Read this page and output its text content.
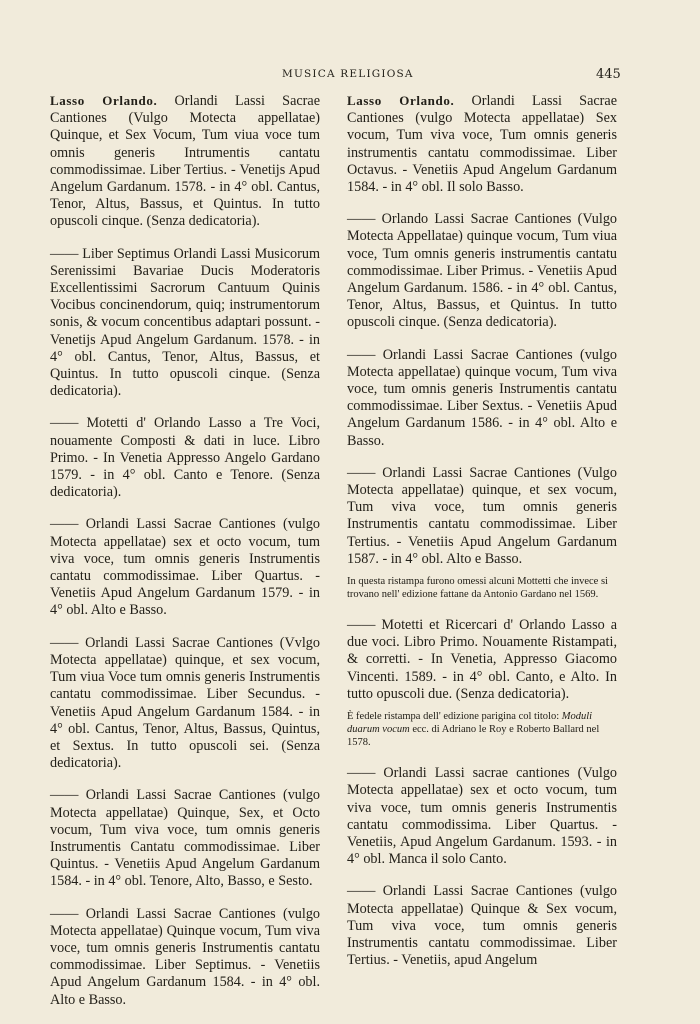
MUSICA RELIGIOSA	445

Lasso Orlando. Orlandi Lassi Sacrae Cantiones (Vulgo Motecta appellatae) Quinque, et Sex Vocum, Tum viua voce tum omnis generis Intrumentis cantatu commodissimae. Liber Tertius. - Venetijs Apud Angelum Gardanum. 1578. - in 4° obl. Cantus, Tenor, Altus, Bassus, et Quintus. In tutto opuscoli cinque. (Senza dedicatoria).

—— Liber Septimus Orlandi Lassi Musicorum Serenissimi Bavariae Ducis Moderatoris Excellentissimi Sacrorum Cantuum Quinis Vocibus concinendorum, quiq; instrumentorum sonis, & vocum concentibus adaptari possunt. - Venetijs Apud Angelum Gardanum. 1578. - in 4° obl. Cantus, Tenor, Altus, Bassus, et Quintus. In tutto opuscoli cinque. (Senza dedicatoria).

—— Motetti d' Orlando Lasso a Tre Voci, nouamente Composti & dati in luce. Libro Primo. - In Venetia Appresso Angelo Gardano 1579. - in 4° obl. Canto e Tenore. (Senza dedicatoria).

—— Orlandi Lassi Sacrae Cantiones (vulgo Motecta appellatae) sex et octo vocum, tum viva voce, tum omnis generis Instrumentis cantatu commodissimae. Liber Quartus. - Venetiis Apud Angelum Gardanum 1579. - in 4° obl. Alto e Basso.

—— Orlandi Lassi Sacrae Cantiones (Vvlgo Motecta appellatae) quinque, et sex vocum, Tum viua Voce tum omnis generis Instrumentis cantatu commodissimae. Liber Secundus. - Venetiis Apud Angelum Gardanum 1584. - in 4° obl. Cantus, Tenor, Altus, Bassus, Quintus, et Sextus. In tutto opuscoli sei. (Senza dedicatoria).

—— Orlandi Lassi Sacrae Cantiones (vulgo Motecta appellatae) Quinque, Sex, et Octo vocum, Tum viva voce, tum omnis generis Instrumentis Cantatu commodissimae. Liber Quintus. - Venetiis Apud Angelum Gardanum 1584. - in 4° obl. Tenore, Alto, Basso, e Sesto.

—— Orlandi Lassi Sacrae Cantiones (vulgo Motecta appellatae) Quinque vocum, Tum viva voce, tum omnis generis Instrumentis cantatu commodissimae. Liber Septimus. - Venetiis Apud Angelum Gardanum 1584. - in 4° obl. Alto e Basso.

Lasso Orlando. Orlandi Lassi Sacrae Cantiones (vulgo Motecta appellatae) Sex vocum, Tum viva voce, Tum omnis generis instrumentis cantatu commodissimae. Liber Octavus. - Venetiis Apud Angelum Gardanum 1584. - in 4° obl. Il solo Basso.

—— Orlando Lassi Sacrae Cantiones (Vulgo Motecta Appellatae) quinque vocum, Tum viua voce, Tum omnis generis instrumentis cantatu commodissimae. Liber Primus. - Venetiis Apud Angelum Gardanum. 1586. - in 4° obl. Cantus, Tenor, Altus, Bassus, et Quintus. In tutto opuscoli cinque. (Senza dedicatoria).

—— Orlandi Lassi Sacrae Cantiones (vulgo Motecta appellatae) quinque vocum, Tum viva voce, tum omnis generis Instrumentis cantatu commodissimae. Liber Sextus. - Venetiis Apud Angelum Gardanum 1586. - in 4° obl. Alto e Basso.

—— Orlandi Lassi Sacrae Cantiones (Vulgo Motecta appellatae) quinque, et sex vocum, Tum viva voce, tum omnis generis Instrumentis cantatu commodissimae. Liber Tertius. - Venetiis Apud Angelum Gardanum 1587. - in 4° obl. Alto e Basso.

In questa ristampa furono omessi alcuni Mottetti che invece si trovano nell' edizione fattane da Antonio Gardano nel 1569.

—— Motetti et Ricercari d' Orlando Lasso a due voci. Libro Primo. Nouamente Ristampati, & corretti. - In Venetia, Appresso Giacomo Vincenti. 1589. - in 4° obl. Canto, e Alto. In tutto opuscoli due. (Senza dedicatoria).

È fedele ristampa dell' edizione parigina col titolo: Moduli duarum vocum ecc. di Adriano le Roy e Roberto Ballard nel 1578.

—— Orlandi Lassi sacrae cantiones (Vulgo Motecta appellatae) sex et octo vocum, tum viva voce, tum omnis generis Instrumentis cantatu commodissima. Liber Quartus. - Venetiis, Apud Angelum Gardanum. 1593. - in 4° obl. Manca il solo Canto.

—— Orlandi Lassi Sacrae Cantiones (vulgo Motecta appellatae) Quinque & Sex vocum, Tum viva voce, tum omnis generis Instrumentis cantatu commodissimae. Liber Tertius. - Venetiis, apud Angelum
